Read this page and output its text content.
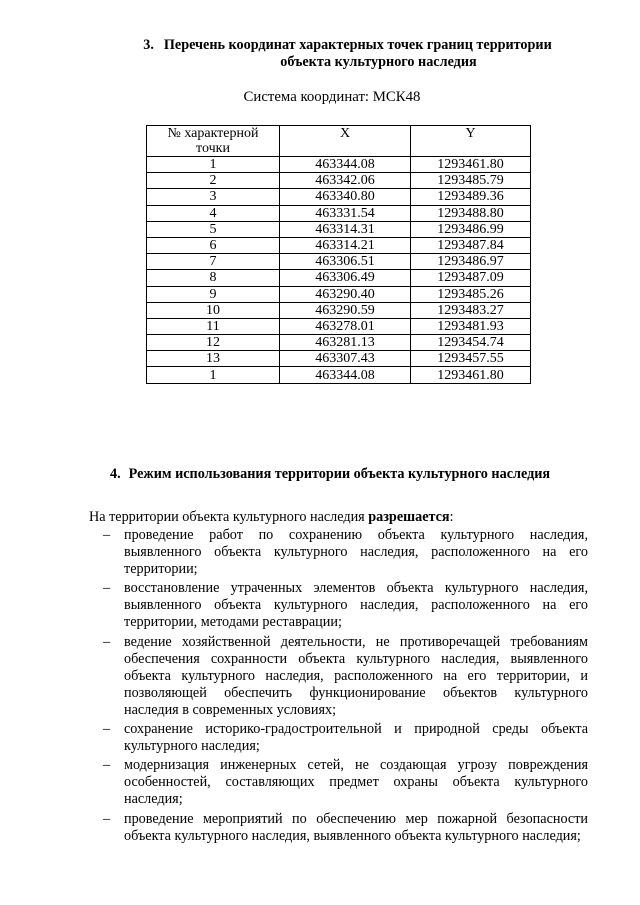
3. Перечень координат характерных точек границ территории
объекта культурного наследия
Система координат: МСК48
№ характерной точки	X	Y
1	463344.08	1293461.80
2	463342.06	1293485.79
3	463340.80	1293489.36
4	463331.54	1293488.80
5	463314.31	1293486.99
6	463314.21	1293487.84
7	463306.51	1293486.97
8	463306.49	1293487.09
9	463290.40	1293485.26
10	463290.59	1293483.27
11	463278.01	1293481.93
12	463281.13	1293454.74
13	463307.43	1293457.55
1	463344.08	1293461.80
4. Режим использования территории объекта культурного наследия
На территории объекта культурного наследия разрешается:
– проведение работ по сохранению объекта культурного наследия, выявленного объекта культурного наследия, расположенного на его территории;
– восстановление утраченных элементов объекта культурного наследия, выявленного объекта культурного наследия, расположенного на его территории, методами реставрации;
– ведение хозяйственной деятельности, не противоречащей требованиям обеспечения сохранности объекта культурного наследия, выявленного объекта культурного наследия, расположенного на его территории, и позволяющей обеспечить функционирование объектов культурного наследия в современных условиях;
– сохранение историко-градостроительной и природной среды объекта культурного наследия;
– модернизация инженерных сетей, не создающая угрозу повреждения особенностей, составляющих предмет охраны объекта культурного наследия;
– проведение мероприятий по обеспечению мер пожарной безопасности объекта культурного наследия, выявленного объекта культурного наследия;
